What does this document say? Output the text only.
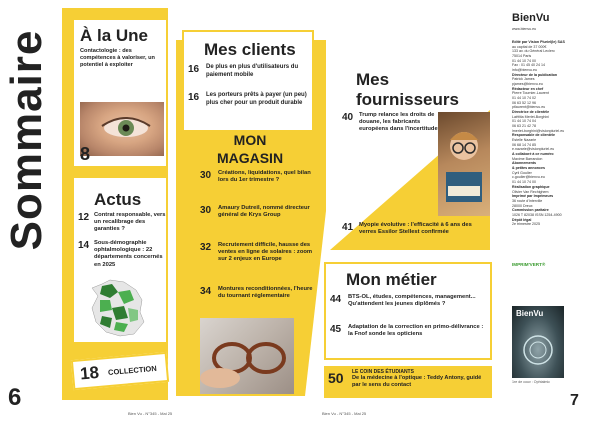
Sommaire
6
À la Une
Contactologie : des compétences à valoriser, un potentiel à exploiter
8
Actus
12 Contrat responsable, vers un recalibrage des garanties ?
14 Sous-démographie ophtalmologique : 22 départements concernés en 2025
18 COLLECTION
Mes clients
16 De plus en plus d'utilisateurs du paiement mobile
16 Les porteurs prêts à payer (un peu) plus cher pour un produit durable
MON
MAGASIN
30 Créations, liquidations, quel bilan lors du 1er trimestre ?
30 Amaury Dutreil, nommé directeur général de Krys Group
32 Recrutement difficile, hausse des ventes en ligne de solaires : zoom sur 2 enjeux en Europe
34 Montures reconditionnées, l'heure du tournant réglementaire
Mes
fournisseurs
40 Trump relance les droits de douane, les fabricants européens dans l'incertitude
41 Myopie évolutive : l'efficacité à 6 ans des verres Essilor Stellest confirmée
Mon métier
44 BTS-OL, études, compétences, management... Qu'attendent les jeunes diplômés ?
45 Adaptation de la correction en primo-délivrance : la Fnof sonde les opticiens
50 LE COIN DES ÉTUDIANTS
De la médecine à l'optique : Teddy Antony, guidé par le sens du contact
BienVu
www.bienvu.eu
Edité par Vision Pluriel(le) SAS
au capital de 37 000€
133 av. du Général Leclerc
75014 Paris
01 44 10 74 00
Fax : 01 45 40 24 14
info@bienvu.eu
Directeur de la publication
Patrick James
pjames@bienvu.eu
Rédacteur en chef
Pierre Tournier-Laurent
01 44 10 74 02
06 63 52 12 96
ptlaurent@bienvu.eu
Directrice de clientèle
Laëtitia Merlet-Borghini
01 44 10 74 04
06 63 21 42 78
lmerlet-borghini@visionpluriel.eu
Responsable de clientèle
Estelle Nazarie
06 68 14 74 85
e.nazarie@visionpluriel.eu
A collaboré à ce numéro
Maxime Barrandon
Abonnements
& petites annonces
Cyril Goulier
c.goulier@bienvu.eu
01 44 10 74 00
Réalisation graphique
Olivier Van Rechighem
Imprimé par Imprimeurs
36 route d'Interville
28000 Dreux
Commission paritaire
1026 T 82038 ISSN 1254-4900
Dépôt légal
2e trimestre 2025
IMPRIM'VERT®
BienVu
1re de couv : Ophtalmic
Bien Vu - N°345 - Mai 25	Bien Vu - N°345 - Mai 25
7
